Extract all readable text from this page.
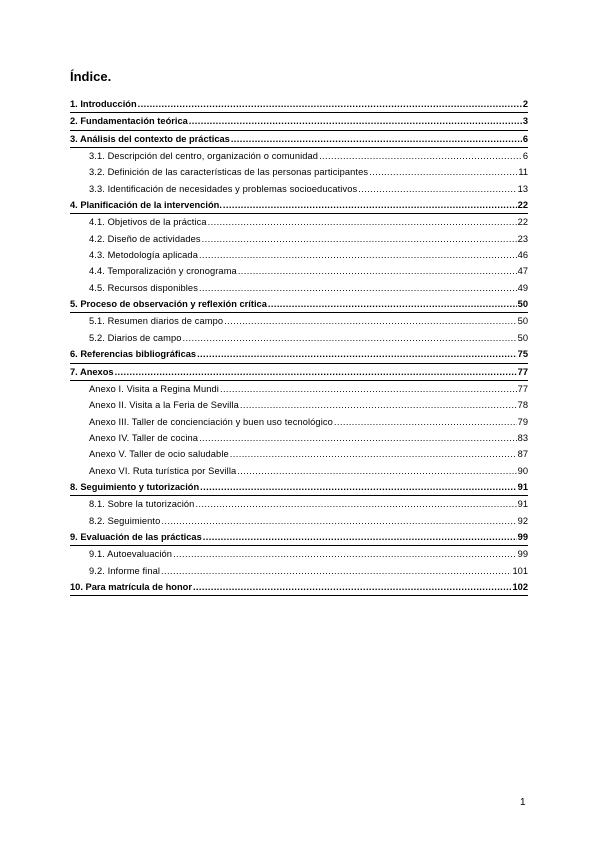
Índice.
1. Introducción .....	2
2. Fundamentación teórica .....	3
3. Análisis del contexto de prácticas .....	6
3.1. Descripción del centro, organización o comunidad .....	6
3.2. Definición de las características de las personas participantes .....	11
3.3. Identificación de necesidades y problemas socioeducativos .....	13
4. Planificación de la intervención. .....	22
4.1. Objetivos de la práctica .....	22
4.2. Diseño de actividades .....	23
4.3. Metodología aplicada .....	46
4.4. Temporalización y cronograma .....	47
4.5. Recursos disponibles .....	49
5. Proceso de observación y reflexión crítica .....	50
5.1. Resumen diarios de campo .....	50
5.2. Diarios de campo .....	50
6. Referencias bibliográficas .....	75
7. Anexos .....	77
Anexo I. Visita a Regina Mundi .....	77
Anexo II. Visita a la Feria de Sevilla .....	78
Anexo III. Taller de concienciación y buen uso tecnológico .....	79
Anexo IV. Taller de cocina .....	83
Anexo V. Taller de ocio saludable .....	87
Anexo VI. Ruta turística por Sevilla .....	90
8. Seguimiento y tutorización .....	91
8.1. Sobre la tutorización .....	91
8.2. Seguimiento .....	92
9. Evaluación de las prácticas .....	99
9.1. Autoevaluación .....	99
9.2. Informe final .....	101
10. Para matrícula de honor .....	102
1
